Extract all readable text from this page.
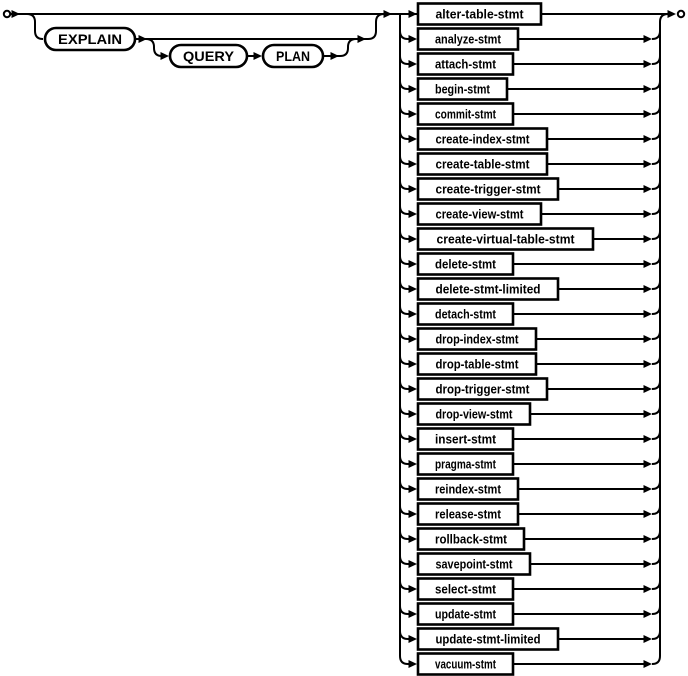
alter-table-stmt
analyze-stmt
attach-stmt
begin-stmt
commit-stmt
create-index-stmt
create-table-stmt
create-trigger-stmt
create-view-stmt
create-virtual-table-stmt
delete-stmt
delete-stmt-limited
detach-stmt
drop-index-stmt
drop-table-stmt
drop-trigger-stmt
drop-view-stmt
insert-stmt
pragma-stmt
reindex-stmt
release-stmt
rollback-stmt
savepoint-stmt
select-stmt
update-stmt
update-stmt-limited
vacuum-stmt
EXPLAIN
QUERY	PLAN
